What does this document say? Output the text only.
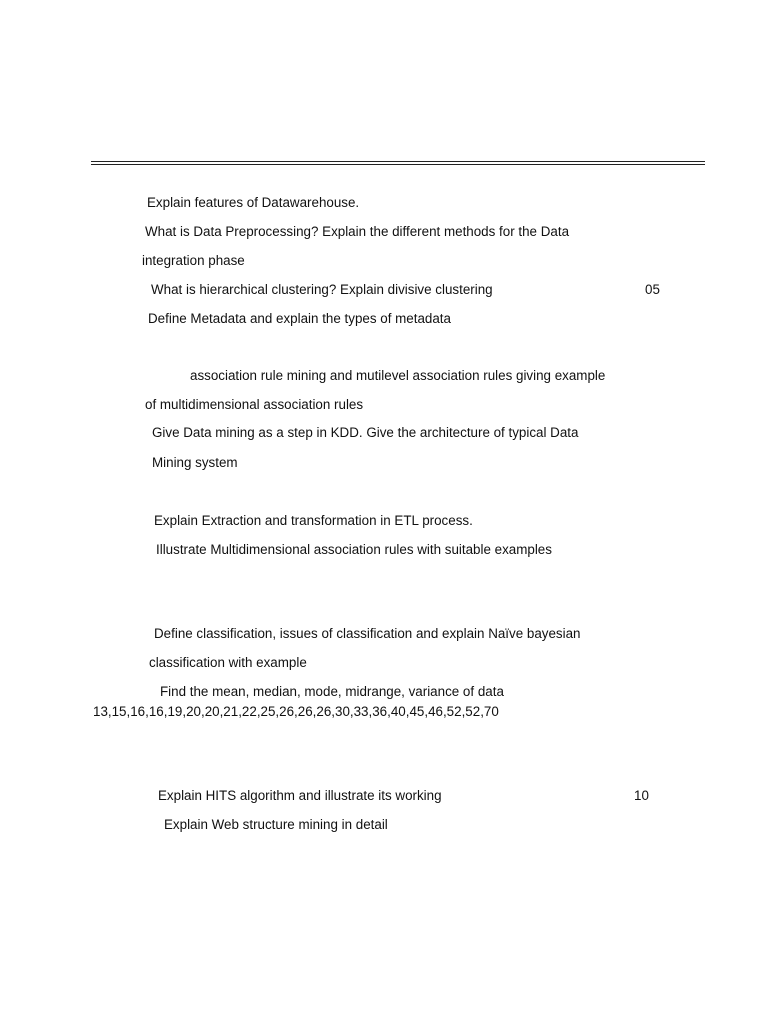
Explain features of Datawarehouse.
What is Data Preprocessing? Explain the different methods for the Data
integration phase
What is hierarchical clustering? Explain divisive clustering	05
Define Metadata and explain the types of metadata
association rule mining and mutilevel association rules giving example
of multidimensional association rules
Give Data mining as a step in KDD. Give the architecture of typical Data
Mining system
Explain Extraction and transformation in ETL process.
Illustrate Multidimensional association rules with suitable examples
Define classification, issues of classification and explain Naïve bayesian
classification with example
Find the mean, median, mode, midrange, variance of data
13,15,16,16,19,20,20,21,22,25,26,26,26,30,33,36,40,45,46,52,52,70
Explain HITS algorithm and illustrate its working	10
Explain Web structure mining in detail
